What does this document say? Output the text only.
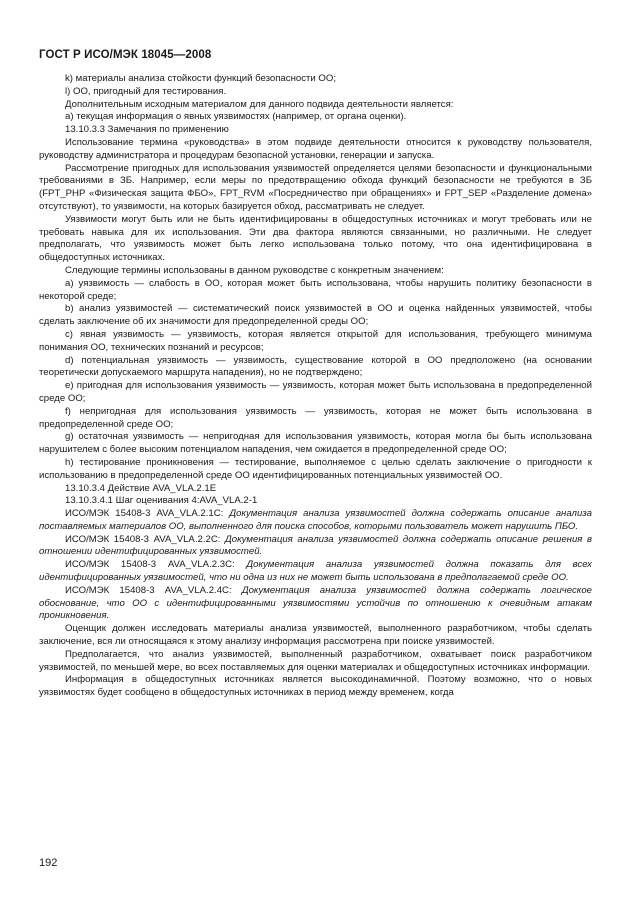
ГОСТ Р ИСО/МЭК 18045—2008

k) материалы анализа стойкости функций безопасности ОО;

l) ОО, пригодный для тестирования.

Дополнительным исходным материалом для данного подвида деятельности является:

а) текущая информация о явных уязвимостях (например, от органа оценки).

13.10.3.3 Замечания по применению

Использование термина «руководства» в этом подвиде деятельности относится к руководству пользователя, руководству администратора и процедурам безопасной установки, генерации и запуска.

Рассмотрение пригодных для использования уязвимостей определяется целями безопасности и функциональными требованиями в ЗБ. Например, если меры по предотвращению обхода функций безопасности не требуются в ЗБ (FPT_PHP «Физическая защита ФБО», FPT_RVM «Посредничество при обращениях» и FPT_SEP «Разделение домена» отсутствуют), то уязвимости, на которых базируется обход, рассматривать не следует.

Уязвимости могут быть или не быть идентифицированы в общедоступных источниках и могут требовать или не требовать навыка для их использования. Эти два фактора являются связанными, но различными. Не следует предполагать, что уязвимость может быть легко использована только потому, что она идентифицирована в общедоступных источниках.

Следующие термины использованы в данном руководстве с конкретным значением:

а) уязвимость — слабость в ОО, которая может быть использована, чтобы нарушить политику безопасности в некоторой среде;

b) анализ уязвимостей — систематический поиск уязвимостей в ОО и оценка найденных уязвимостей, чтобы сделать заключение об их значимости для предопределенной среды ОО;

c) явная уязвимость — уязвимость, которая является открытой для использования, требующего минимума понимания ОО, технических познаний и ресурсов;

d) потенциальная уязвимость — уязвимость, существование которой в ОО предположено (на основании теоретически допускаемого маршрута нападения), но не подтверждено;

e) пригодная для использования уязвимость — уязвимость, которая может быть использована в предопределенной среде ОО;

f) непригодная для использования уязвимость — уязвимость, которая не может быть использована в предопределенной среде ОО;

g) остаточная уязвимость — непригодная для использования уязвимость, которая могла бы быть использована нарушителем с более высоким потенциалом нападения, чем ожидается в предопределенной среде ОО;

h) тестирование проникновения — тестирование, выполняемое с целью сделать заключение о пригодности к использованию в предопределенной среде ОО идентифицированных потенциальных уязвимостей ОО.

13.10.3.4 Действие AVA_VLA.2.1E

13.10.3.4.1 Шаг оценивания 4:AVA_VLA.2-1

ИСО/МЭК 15408-3 AVA_VLA.2.1C: Документация анализа уязвимостей должна содержать описание анализа поставляемых материалов ОО, выполненного для поиска способов, которыми пользователь может нарушить ПБО.

ИСО/МЭК 15408-3 AVA_VLA.2.2C: Документация анализа уязвимостей должна содержать описание решения в отношении идентифицированных уязвимостей.

ИСО/МЭК 15408-3 AVA_VLA.2.3C: Документация анализа уязвимостей должна показать для всех идентифицированных уязвимостей, что ни одна из них не может быть использована в предполагаемой среде ОО.

ИСО/МЭК 15408-3 AVA_VLA.2.4C: Документация анализа уязвимостей должна содержать логическое обоснование, что ОО с идентифицированными уязвимостями устойчив по отношению к очевидным атакам проникновения.

Оценщик должен исследовать материалы анализа уязвимостей, выполненного разработчиком, чтобы сделать заключение, вся ли относящаяся к этому анализу информация рассмотрена при поиске уязвимостей.

Предполагается, что анализ уязвимостей, выполненный разработчиком, охватывает поиск разработчиком уязвимостей, по меньшей мере, во всех поставляемых для оценки материалах и общедоступных источниках информации.

Информация в общедоступных источниках является высокодинамичной. Поэтому возможно, что о новых уязвимостях будет сообщено в общедоступных источниках в период между временем, когда

192
